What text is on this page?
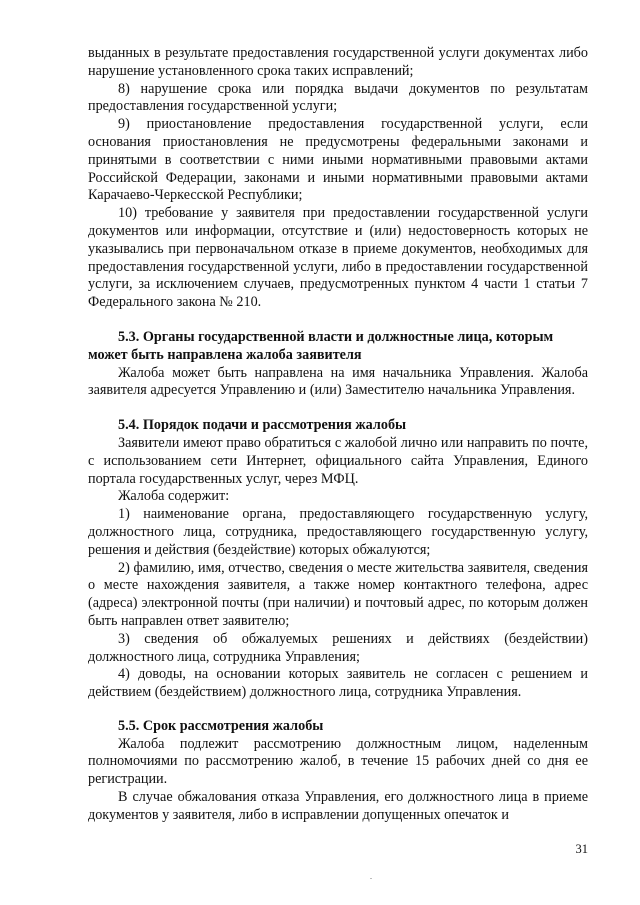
выданных в результате предоставления государственной услуги документах либо нарушение установленного срока таких исправлений;

8) нарушение срока или порядка выдачи документов по результатам предоставления государственной услуги;

9) приостановление предоставления государственной услуги, если основания приостановления не предусмотрены федеральными законами и принятыми в соответствии с ними иными нормативными правовыми актами Российской Федерации, законами и иными нормативными правовыми актами Карачаево-Черкесской Республики;

10) требование у заявителя при предоставлении государственной услуги документов или информации, отсутствие и (или) недостоверность которых не указывались при первоначальном отказе в приеме документов, необходимых для предоставления государственной услуги, либо в предоставлении государственной услуги, за исключением случаев, предусмотренных пунктом 4 части 1 статьи 7 Федерального закона № 210.

5.3. Органы государственной власти и должностные лица, которым может быть направлена жалоба заявителя

Жалоба может быть направлена на имя начальника Управления. Жалоба заявителя адресуется Управлению и (или) Заместителю начальника Управления.

5.4. Порядок подачи и рассмотрения жалобы

Заявители имеют право обратиться с жалобой лично или направить по почте, с использованием сети Интернет, официального сайта Управления, Единого портала государственных услуг, через МФЦ.

Жалоба содержит:

1) наименование органа, предоставляющего государственную услугу, должностного лица, сотрудника, предоставляющего государственную услугу, решения и действия (бездействие) которых обжалуются;

2) фамилию, имя, отчество, сведения о месте жительства заявителя, сведения о месте нахождения заявителя, а также номер контактного телефона, адрес (адреса) электронной почты (при наличии) и почтовый адрес, по которым должен быть направлен ответ заявителю;

3) сведения об обжалуемых решениях и действиях (бездействии) должностного лица, сотрудника Управления;

4) доводы, на основании которых заявитель не согласен с решением и действием (бездействием) должностного лица, сотрудника Управления.

5.5. Срок рассмотрения жалобы

Жалоба подлежит рассмотрению должностным лицом, наделенным полномочиями по рассмотрению жалоб, в течение 15 рабочих дней со дня ее регистрации.

В случае обжалования отказа Управления, его должностного лица в приеме документов у заявителя, либо в исправлении допущенных опечаток и

31
